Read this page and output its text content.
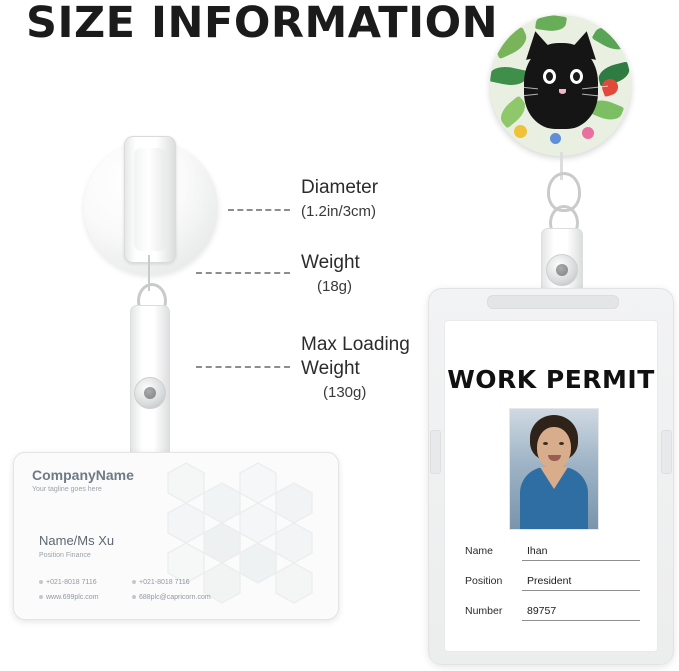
SIZE INFORMATION
CompanyName
Your tagline goes here
Name/Ms Xu
Position Finance
+021-8018 7116	+021-8018 7116
www.699plc.com	688plc@capricorn.com
Diameter
(1.2in/3cm)
Weight
(18g)
Max Loading
Weight
(130g)	WORK PERMIT
Name	Ihan
Position President
Number 89757
